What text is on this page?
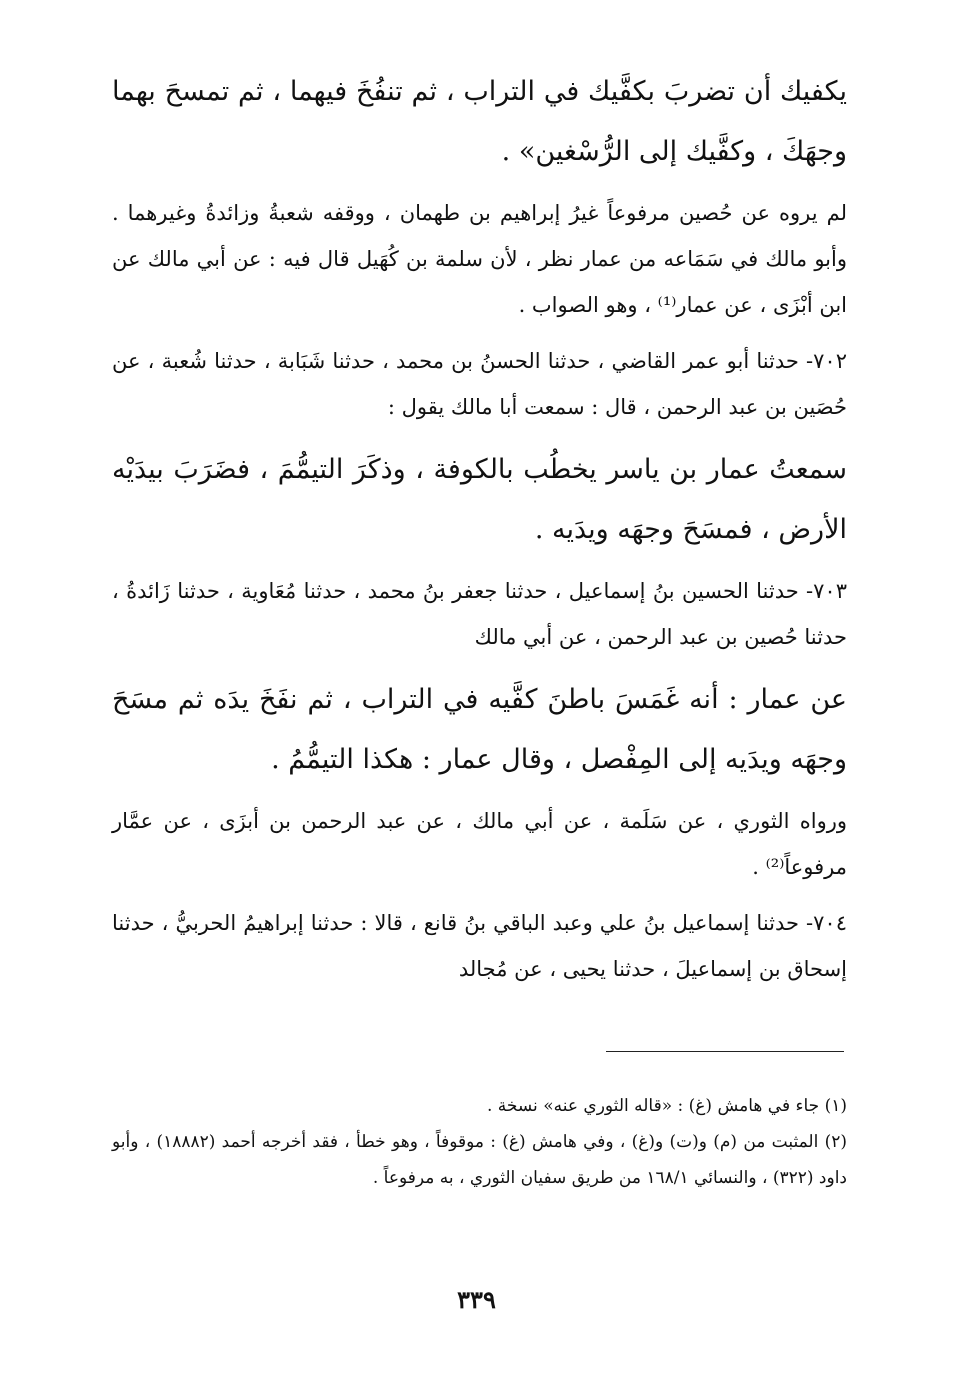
يكفيك أن تضربَ بكفَّيك في التراب ، ثم تنفُخَ فيهما ، ثم تمسحَ بهما وجهَكَ ، وكفَّيك إلى الرُّسْغين» .

لم يروه عن حُصين مرفوعاً غيرُ إبراهيم بن طهمان ، ووقفه شعبةُ وزائدةُ وغيرهما . وأبو مالك في سَمَاعه من عمار نظر ، لأن سلمة بن كُهَيل قال فيه : عن أبي مالك عن ابن أبْزَى ، عن عمار⁽¹⁾ ، وهو الصواب .

٧٠٢- حدثنا أبو عمر القاضي ، حدثنا الحسنُ بن محمد ، حدثنا شَبَابة ، حدثنا شُعبة ، عن حُصَين بن عبد الرحمن ، قال : سمعت أبا مالك يقول :

سمعتُ عمار بن ياسر يخطُب بالكوفة ، وذكَرَ التيمُّمَ ، فضَرَبَ بيدَيْه الأرض ، فمسَحَ وجهَه ويدَيه .

٧٠٣- حدثنا الحسين بنُ إسماعيل ، حدثنا جعفر بنُ محمد ، حدثنا مُعَاوية ، حدثنا زَائدةُ ، حدثنا حُصين بن عبد الرحمن ، عن أبي مالك

عن عمار : أنه غَمَسَ باطنَ كفَّيه في التراب ، ثم نفَخَ يدَه ثم مسَحَ وجهَه ويدَيه إلى المِفْصل ، وقال عمار : هكذا التيمُّمُ .

ورواه الثوري ، عن سَلَمة ، عن أبي مالك ، عن عبد الرحمن بن أبزَى ، عن عمَّار مرفوعاً⁽²⁾ .

٧٠٤- حدثنا إسماعيل بنُ علي وعبد الباقي بنُ قانع ، قالا : حدثنا إبراهيمُ الحربيُّ ، حدثنا إسحاق بن إسماعيلَ ، حدثنا يحيى ، عن مُجالد

(١) جاء في هامش (غ) : «قاله الثوري عنه» نسخة .

(٢) المثبت من (م) و(ت) و(غ) ، وفي هامش (غ) : موقوفاً ، وهو خطأ ، فقد أخرجه أحمد (١٨٨٨٢) ، وأبو داود (٣٢٢) ، والنسائي ١٦٨/١ من طريق سفيان الثوري ، به مرفوعاً .

٣٣٩
